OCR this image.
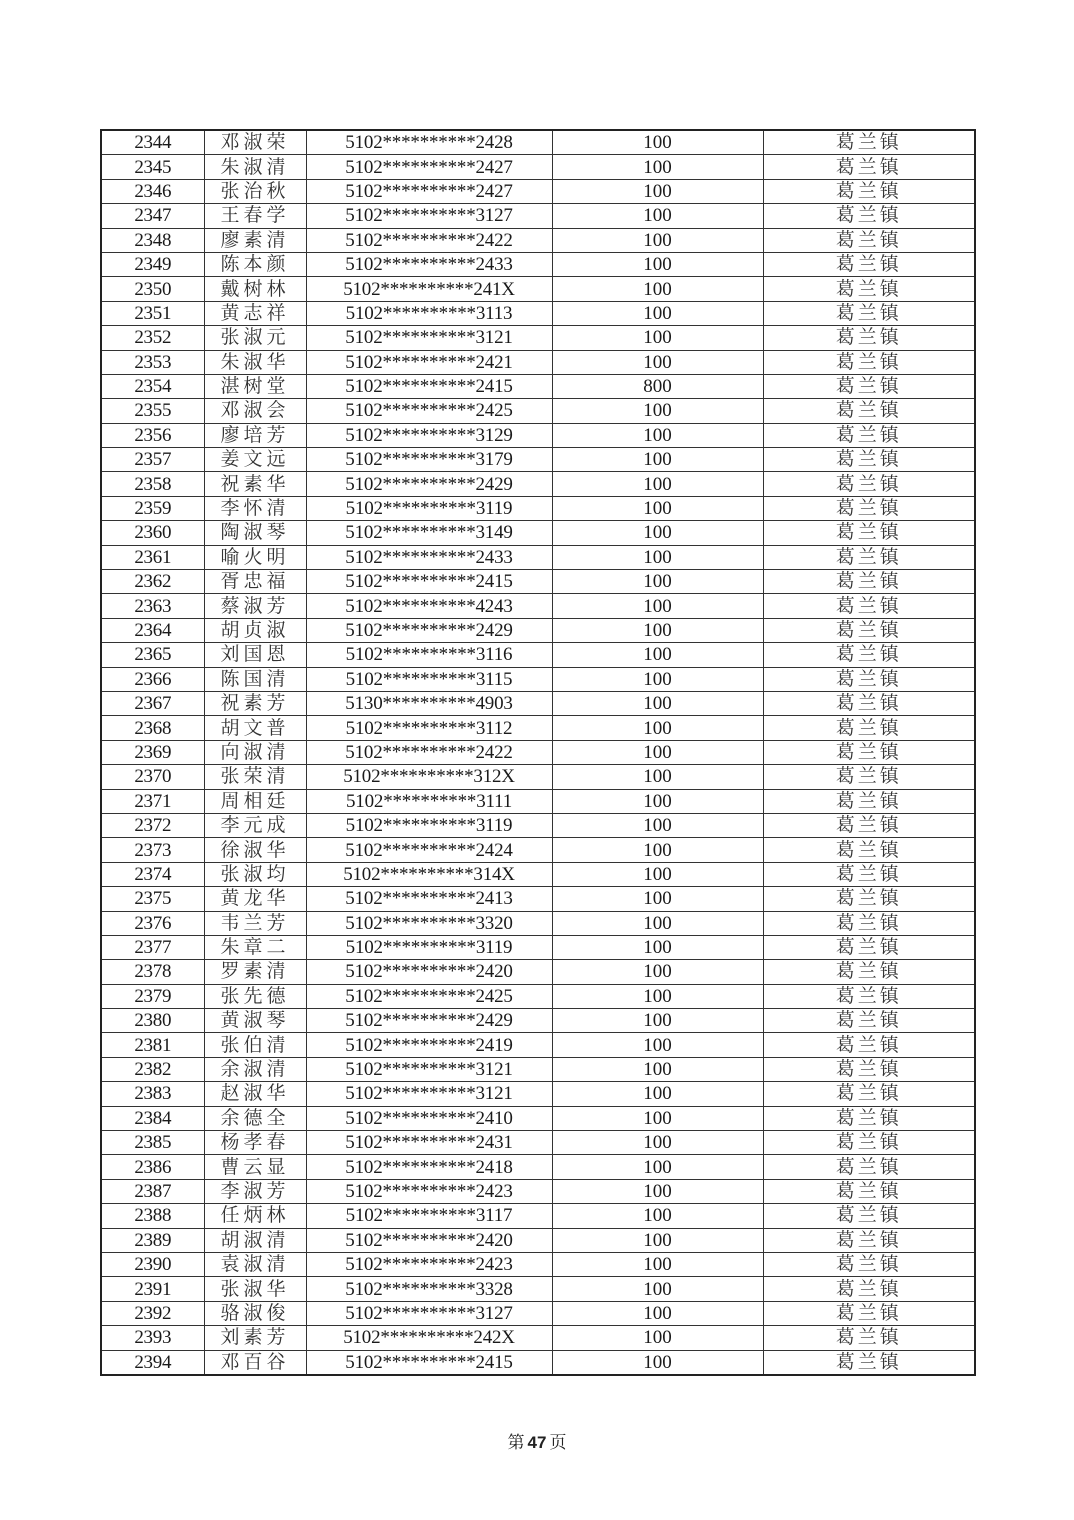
2344	邓淑荣	5102**********2428	100	葛兰镇
2345	朱淑清	5102**********2427	100	葛兰镇
2346	张治秋	5102**********2427	100	葛兰镇
2347	王春学	5102**********3127	100	葛兰镇
2348	廖素清	5102**********2422	100	葛兰镇
2349	陈本颜	5102**********2433	100	葛兰镇
2350	戴树林	5102**********241X	100	葛兰镇
2351	黄志祥	5102**********3113	100	葛兰镇
2352	张淑元	5102**********3121	100	葛兰镇
2353	朱淑华	5102**********2421	100	葛兰镇
2354	湛树堂	5102**********2415	800	葛兰镇
2355	邓淑会	5102**********2425	100	葛兰镇
2356	廖培芳	5102**********3129	100	葛兰镇
2357	姜文远	5102**********3179	100	葛兰镇
2358	祝素华	5102**********2429	100	葛兰镇
2359	李怀清	5102**********3119	100	葛兰镇
2360	陶淑琴	5102**********3149	100	葛兰镇
2361	喻火明	5102**********2433	100	葛兰镇
2362	胥忠福	5102**********2415	100	葛兰镇
2363	蔡淑芳	5102**********4243	100	葛兰镇
2364	胡贞淑	5102**********2429	100	葛兰镇
2365	刘国恩	5102**********3116	100	葛兰镇
2366	陈国清	5102**********3115	100	葛兰镇
2367	祝素芳	5130**********4903	100	葛兰镇
2368	胡文普	5102**********3112	100	葛兰镇
2369	向淑清	5102**********2422	100	葛兰镇
2370	张荣清	5102**********312X	100	葛兰镇
2371	周相廷	5102**********3111	100	葛兰镇
2372	李元成	5102**********3119	100	葛兰镇
2373	徐淑华	5102**********2424	100	葛兰镇
2374	张淑均	5102**********314X	100	葛兰镇
2375	黄龙华	5102**********2413	100	葛兰镇
2376	韦兰芳	5102**********3320	100	葛兰镇
2377	朱章二	5102**********3119	100	葛兰镇
2378	罗素清	5102**********2420	100	葛兰镇
2379	张先德	5102**********2425	100	葛兰镇
2380	黄淑琴	5102**********2429	100	葛兰镇
2381	张伯清	5102**********2419	100	葛兰镇
2382	余淑清	5102**********3121	100	葛兰镇
2383	赵淑华	5102**********3121	100	葛兰镇
2384	余德全	5102**********2410	100	葛兰镇
2385	杨孝春	5102**********2431	100	葛兰镇
2386	曹云显	5102**********2418	100	葛兰镇
2387	李淑芳	5102**********2423	100	葛兰镇
2388	任炳林	5102**********3117	100	葛兰镇
2389	胡淑清	5102**********2420	100	葛兰镇
2390	袁淑清	5102**********2423	100	葛兰镇
2391	张淑华	5102**********3328	100	葛兰镇
2392	骆淑俊	5102**********3127	100	葛兰镇
2393	刘素芳	5102**********242X	100	葛兰镇
2394	邓百谷	5102**********2415	100	葛兰镇
第 47 页
